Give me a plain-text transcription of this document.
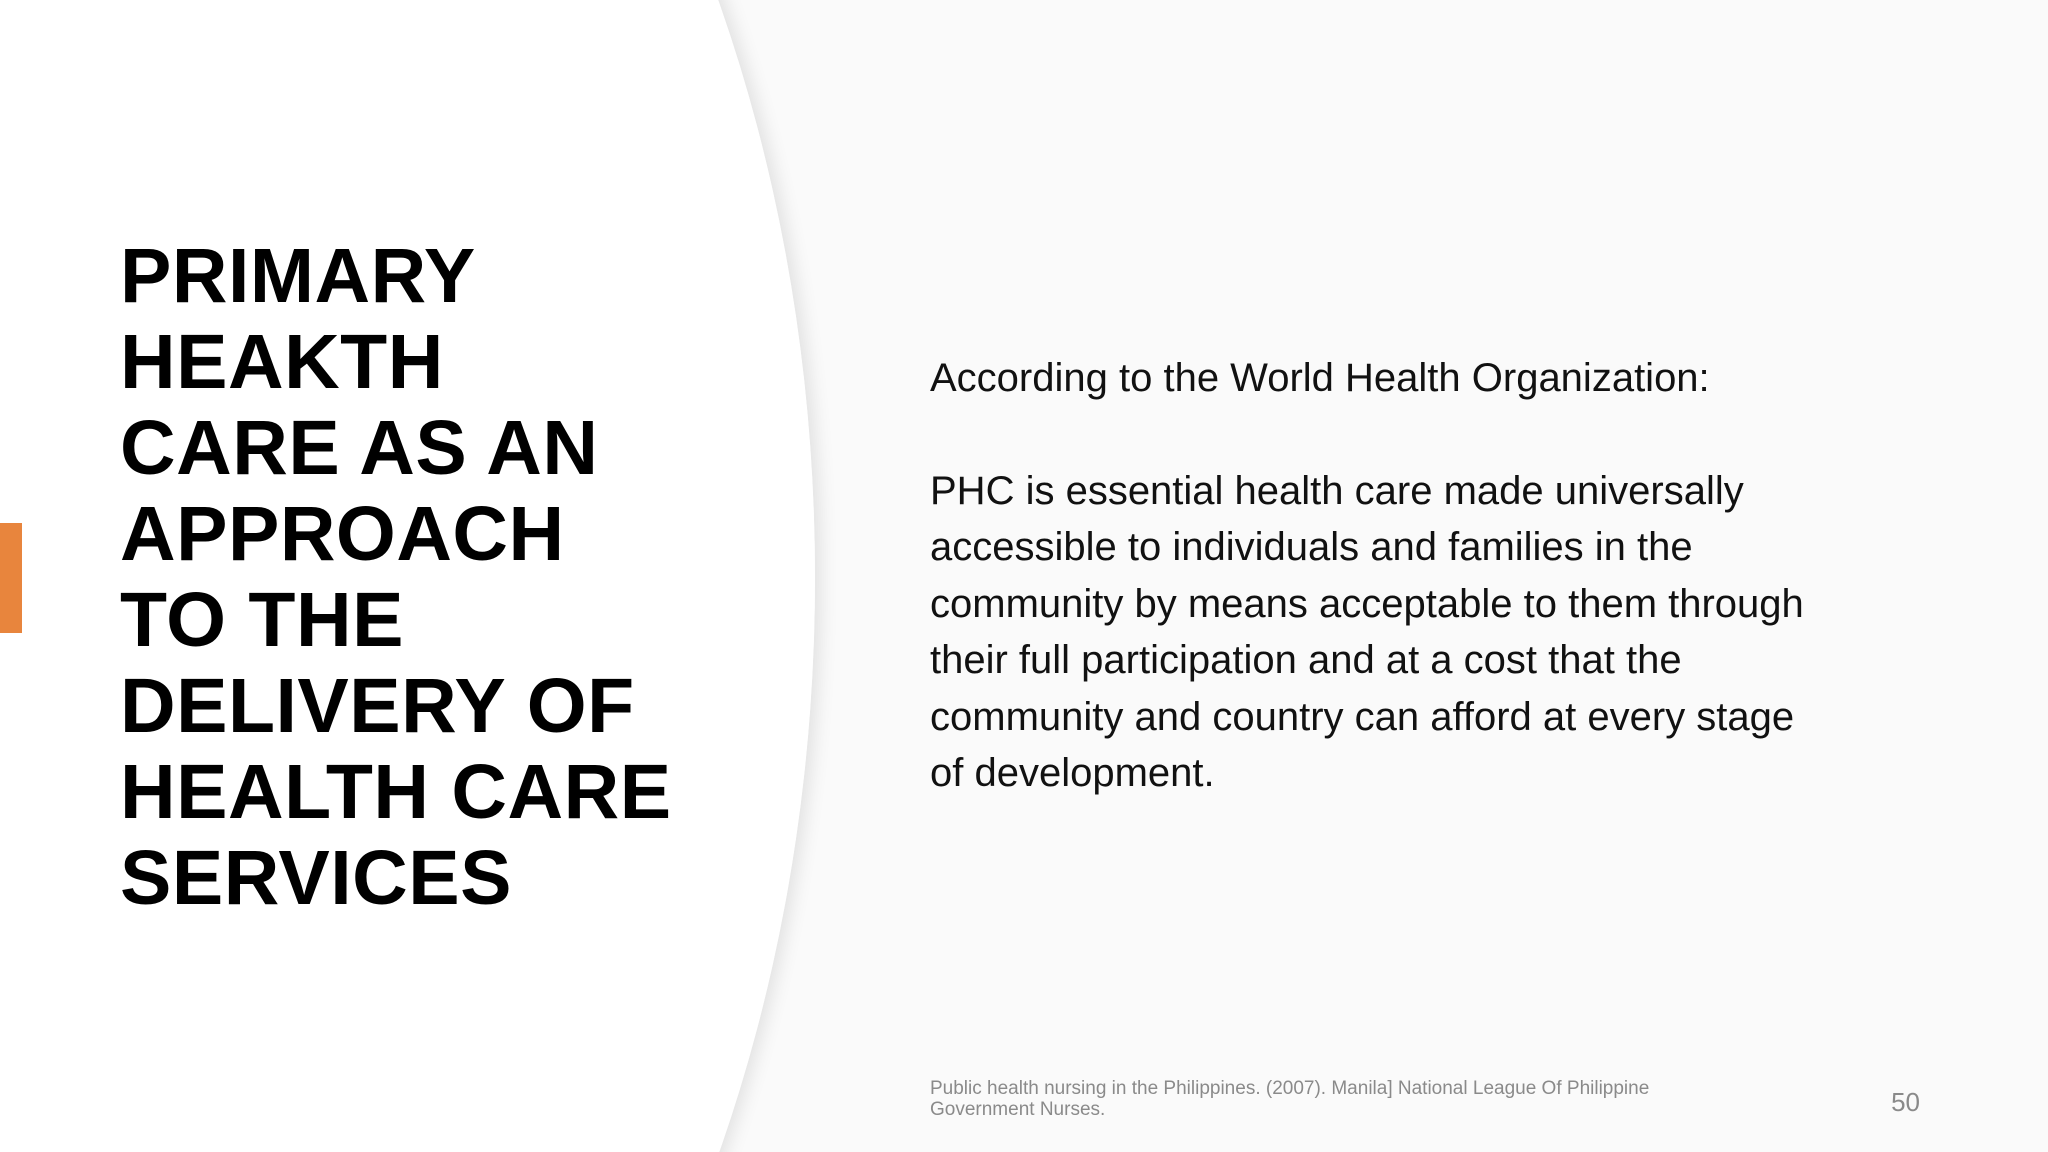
PRIMARY
HEAKTH
CARE AS AN
APPROACH
TO THE
DELIVERY OF
HEALTH CARE
SERVICES

According to the World Health Organization:

PHC is essential health care made universally
accessible to individuals and families in the
community by means acceptable to them through
their full participation and at a cost that the
community and country can afford at every stage
of development.

Public health nursing in the Philippines. (2007). Manila] National League Of Philippine Government Nurses.	50
